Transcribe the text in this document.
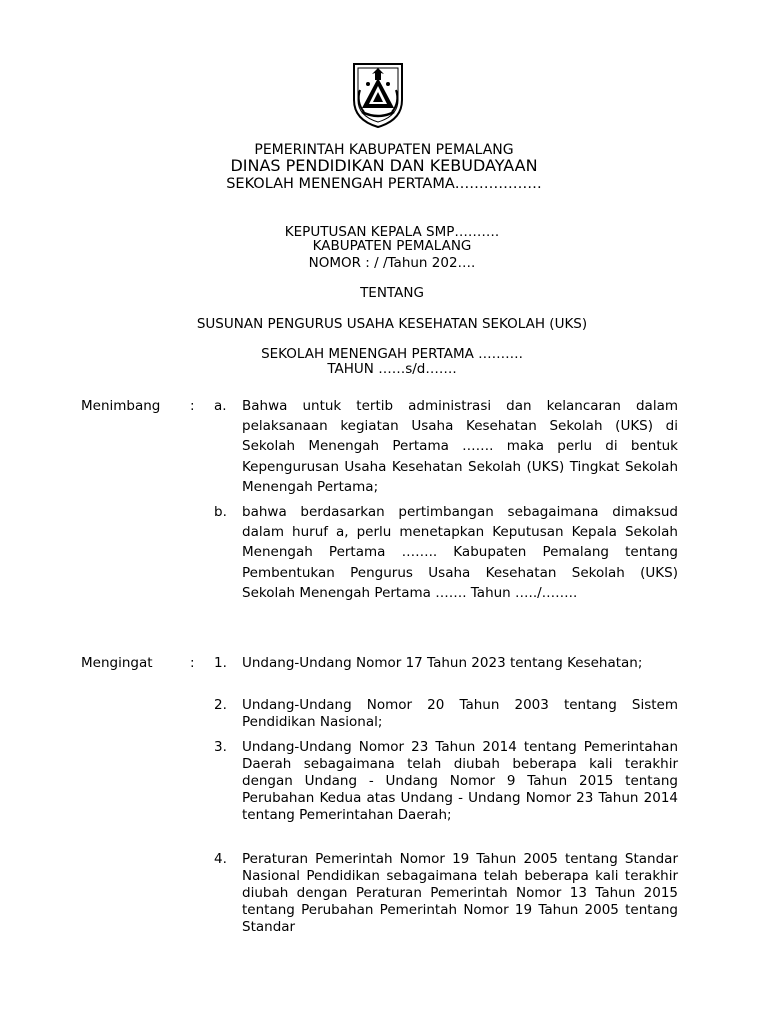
PEMERINTAH KABUPATEN PEMALANG
DINAS PENDIDIKAN DAN KEBUDAYAAN
SEKOLAH MENENGAH PERTAMA………………
KEPUTUSAN KEPALA SMP……….
KABUPATEN PEMALANG
NOMOR : / /Tahun 202….
TENTANG
SUSUNAN PENGURUS USAHA KESEHATAN SEKOLAH (UKS)
SEKOLAH MENENGAH PERTAMA ……….
TAHUN ……s/d…….
Menimbang : a. Bahwa untuk tertib administrasi dan kelancaran dalam pelaksanaan kegiatan Usaha Kesehatan Sekolah (UKS) di Sekolah Menengah Pertama ……. maka perlu di bentuk Kepengurusan Usaha Kesehatan Sekolah (UKS) Tingkat Sekolah Menengah Pertama;

b. bahwa berdasarkan pertimbangan sebagaimana dimaksud dalam huruf a, perlu menetapkan Keputusan Kepala Sekolah Menengah Pertama …….. Kabupaten Pemalang tentang Pembentukan Pengurus Usaha Kesehatan Sekolah (UKS) Sekolah Menengah Pertama ……. Tahun …../……..

Mengingat	: 1. Undang-Undang Nomor 17 Tahun 2023 tentang Kesehatan;

2. Undang-Undang Nomor 20 Tahun 2003 tentang Sistem Pendidikan Nasional;

3. Undang-Undang Nomor 23 Tahun 2014 tentang Pemerintahan Daerah sebagaimana telah diubah beberapa kali terakhir dengan Undang - Undang Nomor 9 Tahun 2015 tentang Perubahan Kedua atas Undang - Undang Nomor 23 Tahun 2014 tentang Pemerintahan Daerah;

4. Peraturan Pemerintah Nomor 19 Tahun 2005 tentang Standar Nasional Pendidikan sebagaimana telah beberapa kali terakhir diubah dengan Peraturan Pemerintah Nomor 13 Tahun 2015 tentang Perubahan Pemerintah Nomor 19 Tahun 2005 tentang Standar
